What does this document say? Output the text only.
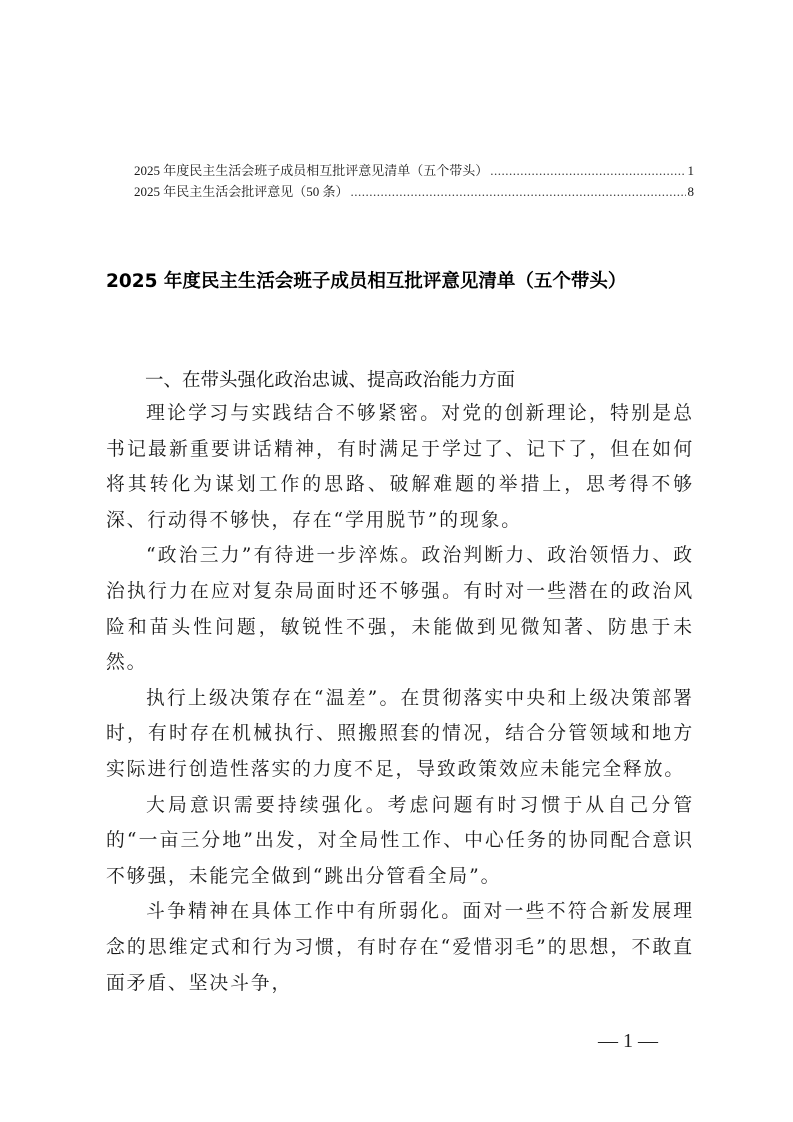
2025 年度民主生活会班子成员相互批评意见清单（五个带头） .....	1
2025 年民主生活会批评意见（50 条） .....	8
2025 年度民主生活会班子成员相互批评意见清单（五个带头）
一、在带头强化政治忠诚、提高政治能力方面

理论学习与实践结合不够紧密。对党的创新理论，特别是总书记最新重要讲话精神，有时满足于学过了、记下了，但在如何将其转化为谋划工作的思路、破解难题的举措上，思考得不够深、行动得不够快，存在“学用脱节”的现象。

“政治三力”有待进一步淬炼。政治判断力、政治领悟力、政治执行力在应对复杂局面时还不够强。有时对一些潜在的政治风险和苗头性问题，敏锐性不强，未能做到见微知著、防患于未然。

执行上级决策存在“温差”。在贯彻落实中央和上级决策部署时，有时存在机械执行、照搬照套的情况，结合分管领域和地方实际进行创造性落实的力度不足，导致政策效应未能完全释放。

大局意识需要持续强化。考虑问题有时习惯于从自己分管的“一亩三分地”出发，对全局性工作、中心任务的协同配合意识不够强，未能完全做到“跳出分管看全局”。

斗争精神在具体工作中有所弱化。面对一些不符合新发展理念的思维定式和行为习惯，有时存在“爱惜羽毛”的思想，不敢直面矛盾、坚决斗争，

— 1 —
